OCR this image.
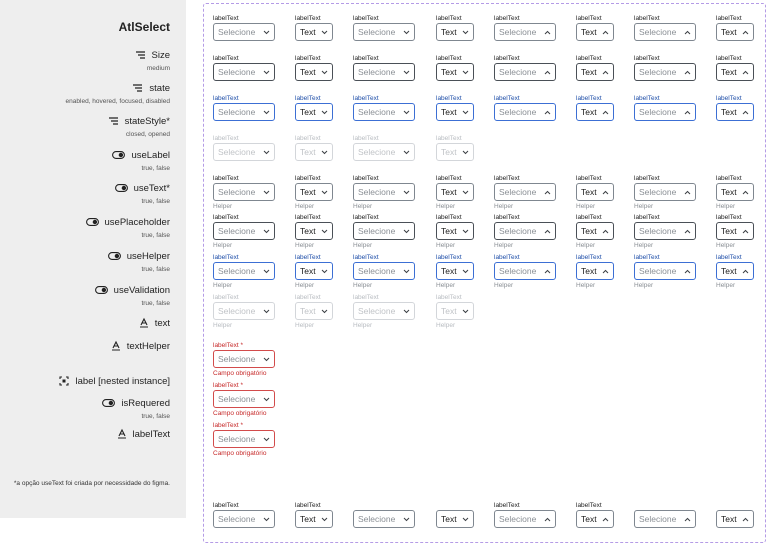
AtlSelect
Size
medium
state
enabled, hovered, focused, disabled
stateStyle*
closed, opened
useLabel
true, false
useText*
true, false
usePlaceholder
true, false
useHelper
true, false
useValidation
true, false
text
textHelper
label [nested instance]
isRequered
true, false
labelText
*a opção useText foi criada por necessidade do figma.
labelText
Selecione
labelText
Text
labelText
Selecione
labelText
Text
labelText
Selecione
labelText
Text
labelText
Selecione
labelText
Text
labelText
Selecione
labelText
Text
labelText
Selecione
labelText
Text
labelText
Selecione
labelText
Text
labelText
Selecione
labelText
Text
labelText
Selecione
labelText
Text
labelText
Selecione
labelText
Text
labelText
Selecione
labelText
Text
labelText
Selecione
labelText
Text
labelText
Selecione
labelText
Text
labelText
Selecione
labelText
Text
labelText
Selecione
Helper
labelText
Text
Helper
labelText
Selecione
Helper
labelText
Text
Helper
labelText
Selecione
Helper
labelText
Text
Helper
labelText
Selecione
Helper
labelText
Text
Helper
labelText
Selecione
Helper
labelText
Text
Helper
labelText
Selecione
Helper
labelText
Text
Helper
labelText
Selecione
Helper
labelText
Text
Helper
labelText
Selecione
Helper
labelText
Text
Helper
labelText
Selecione
Helper
labelText
Text
Helper
labelText
Selecione
Helper
labelText
Text
Helper
labelText
Selecione
Helper
labelText
Text
Helper
labelText
Selecione
Helper
labelText
Text
Helper
labelText
Selecione
Helper
labelText
Text
Helper
labelText
Selecione
Helper
labelText
Text
Helper
labelText *
Selecione
Campo obrigatório
labelText *
Selecione
Campo obrigatório
labelText *
Selecione
Campo obrigatório
labelText
Selecione
labelText
Text	Selecione	Text
labelText
Selecione
labelText
Text	Selecione	Text
